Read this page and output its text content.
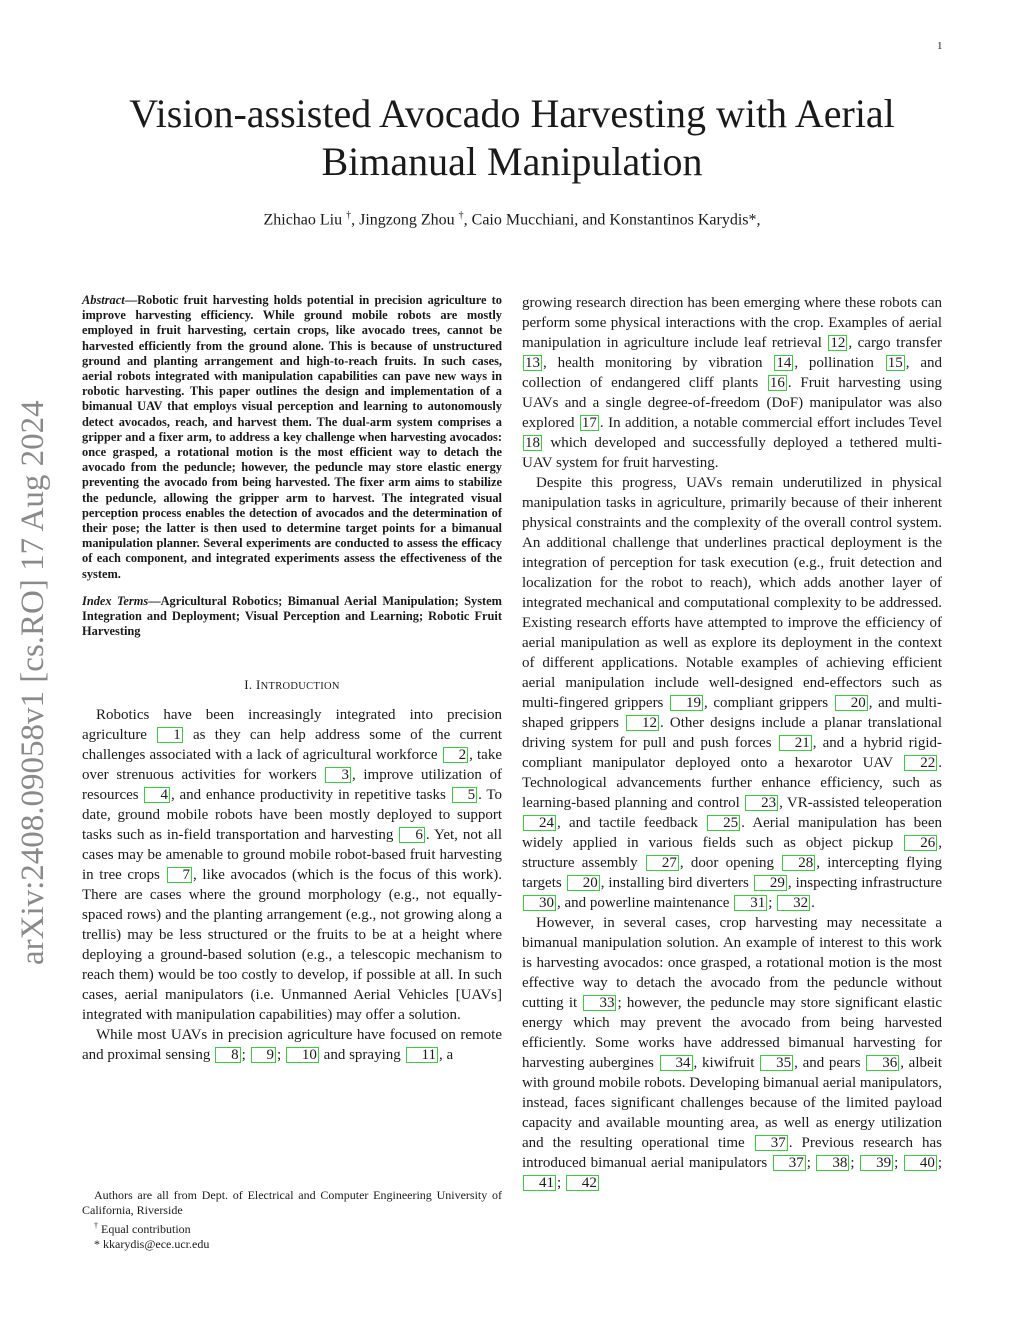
1
arXiv:2408.09058v1 [cs.RO] 17 Aug 2024
Vision-assisted Avocado Harvesting with Aerial Bimanual Manipulation

Zhichao Liu †, Jingzong Zhou †, Caio Mucchiani, and Konstantinos Karydis*,

Abstract—Robotic fruit harvesting holds potential in precision agriculture to improve harvesting efficiency. While ground mobile robots are mostly employed in fruit harvesting, certain crops, like avocado trees, cannot be harvested efficiently from the ground alone. This is because of unstructured ground and planting arrangement and high-to-reach fruits. In such cases, aerial robots integrated with manipulation capabilities can pave new ways in robotic harvesting. This paper outlines the design and implementation of a bimanual UAV that employs visual perception and learning to autonomously detect avocados, reach, and harvest them. The dual-arm system comprises a gripper and a fixer arm, to address a key challenge when harvesting avocados: once grasped, a rotational motion is the most efficient way to detach the avocado from the peduncle; however, the peduncle may store elastic energy preventing the avocado from being harvested. The fixer arm aims to stabilize the peduncle, allowing the gripper arm to harvest. The integrated visual perception process enables the detection of avocados and the determination of their pose; the latter is then used to determine target points for a bimanual manipulation planner. Several experiments are conducted to assess the efficacy of each component, and integrated experiments assess the effectiveness of the system.

Index Terms—Agricultural Robotics; Bimanual Aerial Manipulation; System Integration and Deployment; Visual Perception and Learning; Robotic Fruit Harvesting

I. INTRODUCTION

Robotics have been increasingly integrated into precision agriculture 1 as they can help address some of the current challenges associated with a lack of agricultural workforce 2 , take over strenuous activities for workers 3 , improve utilization of resources 4 , and enhance productivity in repetitive tasks 5 . To date, ground mobile robots have been mostly deployed to support tasks such as in-field transportation and harvesting 6 . Yet, not all cases may be amenable to ground mobile robot-based fruit harvesting in tree crops 7 , like avocados (which is the focus of this work). There are cases where the ground morphology (e.g., not equally-spaced rows) and the planting arrangement (e.g., not growing along a trellis) may be less structured or the fruits to be at a height where deploying a ground-based solution (e.g., a telescopic mechanism to reach them) would be too costly to develop, if possible at all. In such cases, aerial manipulators (i.e. Unmanned Aerial Vehicles [UAVs] integrated with manipulation capabilities) may offer a solution.

While most UAVs in precision agriculture have focused on remote and proximal sensing 8 ; 9 ; 10 and spraying 11 , a

growing research direction has been emerging where these robots can perform some physical interactions with the crop. Examples of aerial manipulation in agriculture include leaf retrieval 12 , cargo transfer 13 , health monitoring by vibration 14 , pollination 15 , and collection of endangered cliff plants 16 . Fruit harvesting using UAVs and a single degree-of-freedom (DoF) manipulator was also explored 17 . In addition, a notable commercial effort includes Tevel 18 which developed and successfully deployed a tethered multi-UAV system for fruit harvesting.

Despite this progress, UAVs remain underutilized in physical manipulation tasks in agriculture, primarily because of their inherent physical constraints and the complexity of the overall control system. An additional challenge that underlines practical deployment is the integration of perception for task execution (e.g., fruit detection and localization for the robot to reach), which adds another layer of integrated mechanical and computational complexity to be addressed. Existing research efforts have attempted to improve the efficiency of aerial manipulation as well as explore its deployment in the context of different applications. Notable examples of achieving efficient aerial manipulation include well-designed end-effectors such as multi-fingered grippers 19 , compliant grippers 20 , and multi-shaped grippers 12 . Other designs include a planar translational driving system for pull and push forces 21 , and a hybrid rigid-compliant manipulator deployed onto a hexarotor UAV 22 . Technological advancements further enhance efficiency, such as learning-based planning and control 23 , VR-assisted teleoperation 24 , and tactile feedback 25 . Aerial manipulation has been widely applied in various fields such as object pickup 26 , structure assembly 27 , door opening 28 , intercepting flying targets 20 , installing bird diverters 29 , inspecting infrastructure 30 , and powerline maintenance 31 ; 32 .

However, in several cases, crop harvesting may necessitate a bimanual manipulation solution. An example of interest to this work is harvesting avocados: once grasped, a rotational motion is the most effective way to detach the avocado from the peduncle without cutting it 33 ; however, the peduncle may store significant elastic energy which may prevent the avocado from being harvested efficiently. Some works have addressed bimanual harvesting for harvesting aubergines 34 , kiwifruit 35 , and pears 36 , albeit with ground mobile robots. Developing bimanual aerial manipulators, instead, faces significant challenges because of the limited payload capacity and available mounting area, as well as energy utilization and the resulting operational time 37 . Previous research has introduced bimanual aerial manipulators 37 ; 38 ; 39 ; 40 ; 41 ; 42

Authors are all from Dept. of Electrical and Computer Engineering University of California, Riverside

† Equal contribution

* kkarydis@ece.ucr.edu
